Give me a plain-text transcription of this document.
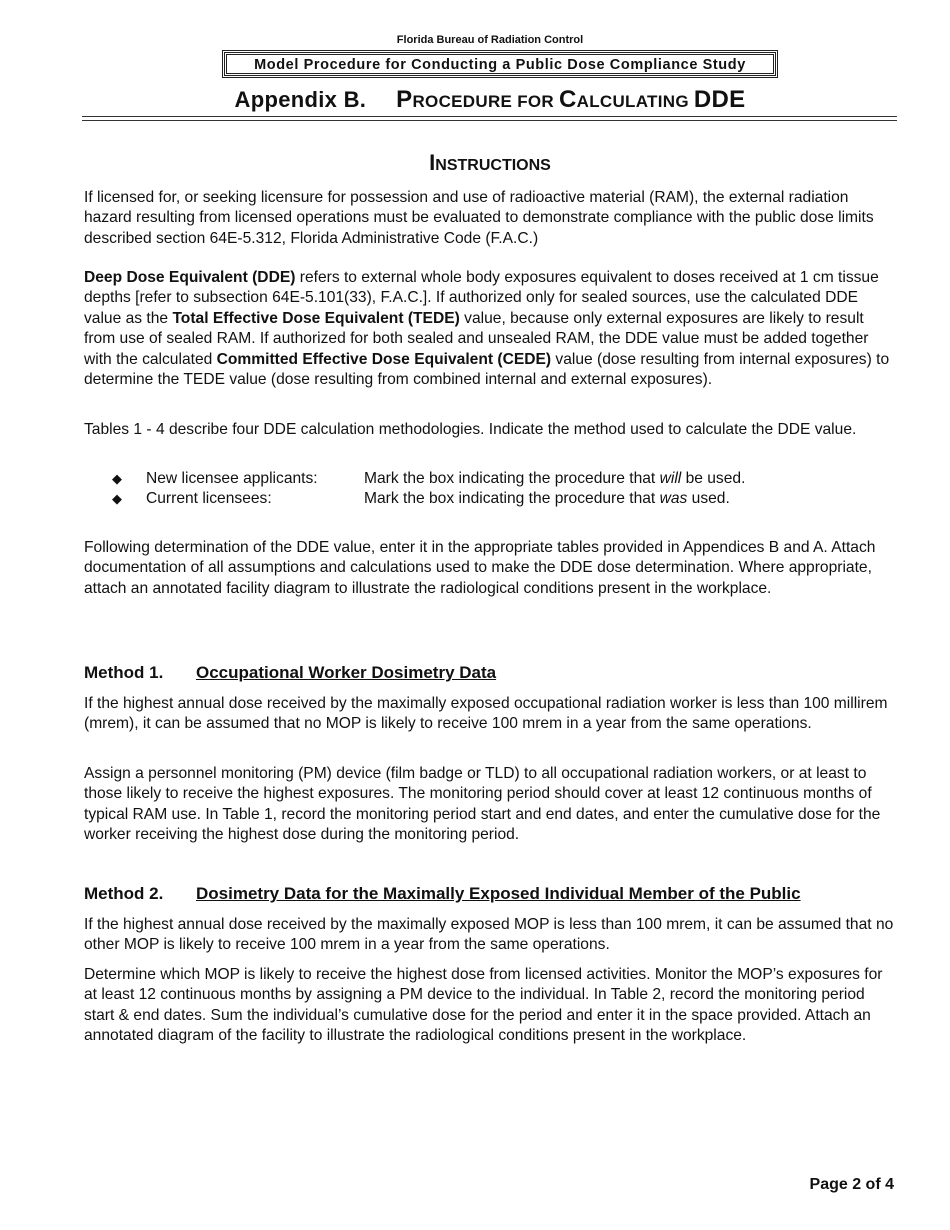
Florida Bureau of Radiation Control
Model Procedure for Conducting a Public Dose Compliance Study
Appendix B. PROCEDURE FOR CALCULATING DDE
INSTRUCTIONS

If licensed for, or seeking licensure for possession and use of radioactive material (RAM), the external radiation hazard resulting from licensed operations must be evaluated to demonstrate compliance with the public dose limits described section 64E-5.312, Florida Administrative Code (F.A.C.)

Deep Dose Equivalent (DDE) refers to external whole body exposures equivalent to doses received at 1 cm tissue depths [refer to subsection 64E-5.101(33), F.A.C.]. If authorized only for sealed sources, use the calculated DDE value as the Total Effective Dose Equivalent (TEDE) value, because only external exposures are likely to result from use of sealed RAM. If authorized for both sealed and unsealed RAM, the DDE value must be added together with the calculated Committed Effective Dose Equivalent (CEDE) value (dose resulting from internal exposures) to determine the TEDE value (dose resulting from combined internal and external exposures).

Tables 1 - 4 describe four DDE calculation methodologies. Indicate the method used to calculate the DDE value.

◆ New licensee applicants:	Mark the box indicating the procedure that will be used.
◆ Current licensees:	Mark the box indicating the procedure that was used.

Following determination of the DDE value, enter it in the appropriate tables provided in Appendices B and A. Attach documentation of all assumptions and calculations used to make the DDE dose determination. Where appropriate, attach an annotated facility diagram to illustrate the radiological conditions present in the workplace.

Method 1. Occupational Worker Dosimetry Data

If the highest annual dose received by the maximally exposed occupational radiation worker is less than 100 millirem (mrem), it can be assumed that no MOP is likely to receive 100 mrem in a year from the same operations.

Assign a personnel monitoring (PM) device (film badge or TLD) to all occupational radiation workers, or at least to those likely to receive the highest exposures. The monitoring period should cover at least 12 continuous months of typical RAM use. In Table 1, record the monitoring period start and end dates, and enter the cumulative dose for the worker receiving the highest dose during the monitoring period.

Method 2. Dosimetry Data for the Maximally Exposed Individual Member of the Public

If the highest annual dose received by the maximally exposed MOP is less than 100 mrem, it can be assumed that no other MOP is likely to receive 100 mrem in a year from the same operations.

Determine which MOP is likely to receive the highest dose from licensed activities. Monitor the MOP’s exposures for at least 12 continuous months by assigning a PM device to the individual. In Table 2, record the monitoring period start & end dates. Sum the individual’s cumulative dose for the period and enter it in the space provided. Attach an annotated diagram of the facility to illustrate the radiological conditions present in the workplace.

Page 2 of 4
